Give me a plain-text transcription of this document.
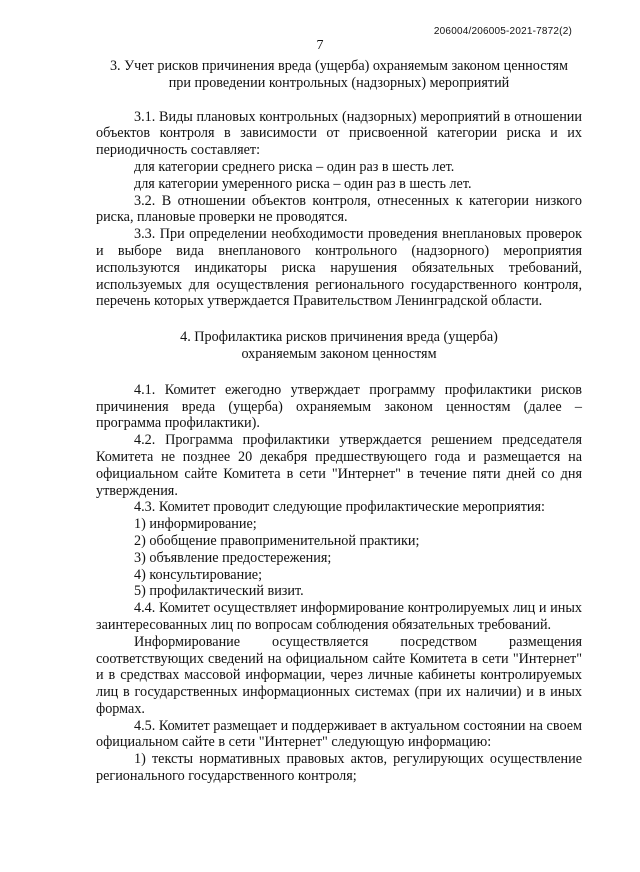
206004/206005-2021-7872(2)
7
3. Учет рисков причинения вреда (ущерба) охраняемым законом ценностям
при проведении контрольных (надзорных) мероприятий

3.1. Виды плановых контрольных (надзорных) мероприятий в отношении объектов контроля в зависимости от присвоенной категории риска и их периодичность составляет:

для категории среднего риска – один раз в шесть лет.

для категории умеренного риска – один раз в шесть лет.

3.2. В отношении объектов контроля, отнесенных к категории низкого риска, плановые проверки не проводятся.

3.3. При определении необходимости проведения внеплановых проверок и выборе вида внепланового контрольного (надзорного) мероприятия используются индикаторы риска нарушения обязательных требований, используемых для осуществления регионального государственного контроля, перечень которых утверждается Правительством Ленинградской области.

4. Профилактика рисков причинения вреда (ущерба)
охраняемым законом ценностям

4.1. Комитет ежегодно утверждает программу профилактики рисков причинения вреда (ущерба) охраняемым законом ценностям (далее – программа профилактики).

4.2. Программа профилактики утверждается решением председателя Комитета не позднее 20 декабря предшествующего года и размещается на официальном сайте Комитета в сети "Интернет" в течение пяти дней со дня утверждения.

4.3. Комитет проводит следующие профилактические мероприятия:

1) информирование;

2) обобщение правоприменительной практики;

3) объявление предостережения;

4) консультирование;

5) профилактический визит.

4.4. Комитет осуществляет информирование контролируемых лиц и иных заинтересованных лиц по вопросам соблюдения обязательных требований.

Информирование осуществляется посредством размещения соответствующих сведений на официальном сайте Комитета в сети "Интернет" и в средствах массовой информации, через личные кабинеты контролируемых лиц в государственных информационных системах (при их наличии) и в иных формах.

4.5. Комитет размещает и поддерживает в актуальном состоянии на своем официальном сайте в сети "Интернет" следующую информацию:

1) тексты нормативных правовых актов, регулирующих осуществление регионального государственного контроля;
